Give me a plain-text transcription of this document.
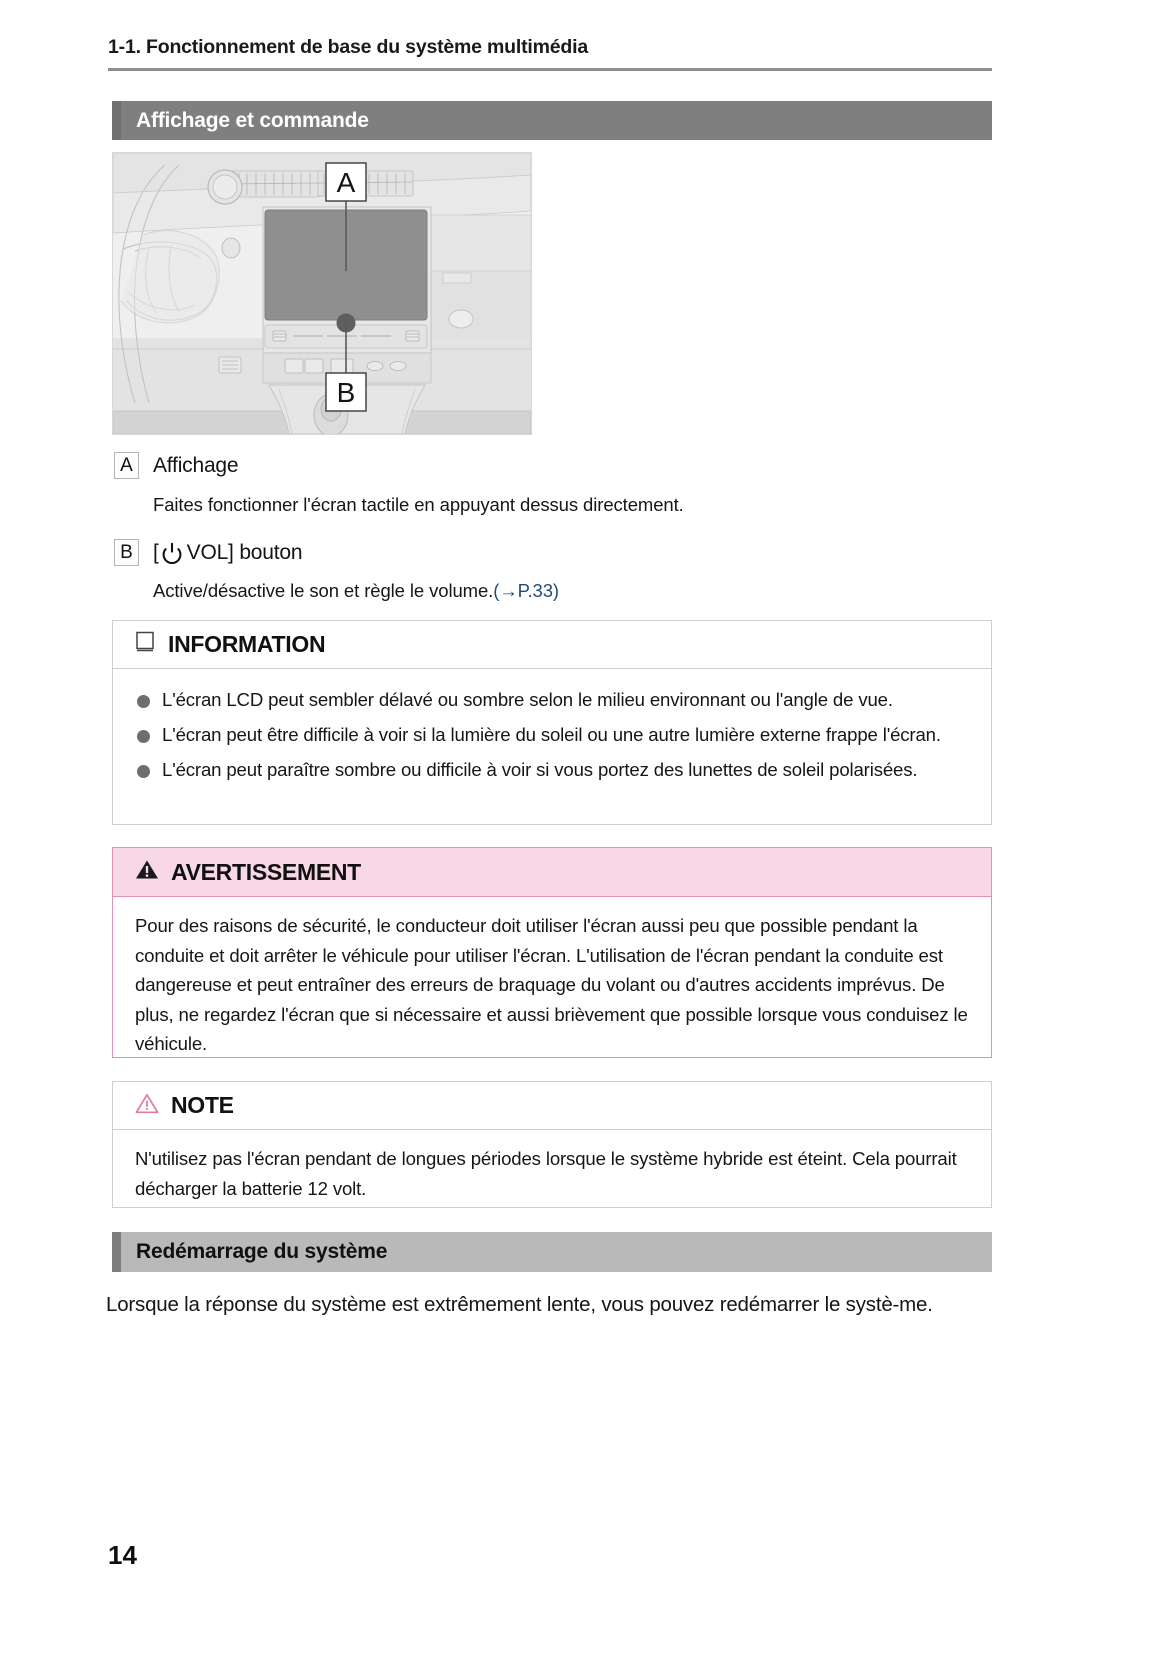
1-1. Fonctionnement de base du système multimédia
Affichage et commande
A
B
A Affichage
Faites fonctionner l'écran tactile en appuyant dessus directement.
B [ VOL] bouton
Active/désactive le son et règle le volume.(→P.33)
INFORMATION
L'écran LCD peut sembler délavé ou sombre selon le milieu environnant ou l'angle de vue.
L'écran peut être difficile à voir si la lumière du soleil ou une autre lumière externe frappe l'écran.
L'écran peut paraître sombre ou difficile à voir si vous portez des lunettes de soleil polarisées.
AVERTISSEMENT
Pour des raisons de sécurité, le conducteur doit utiliser l'écran aussi peu que possible pendant la conduite et doit arrêter le véhicule pour utiliser l'écran. L'utilisation de l'écran pendant la conduite est dangereuse et peut entraîner des erreurs de braquage du volant ou d'autres accidents imprévus. De plus, ne regardez l'écran que si nécessaire et aussi brièvement que possible lorsque vous conduisez le véhicule.
NOTE
N'utilisez pas l'écran pendant de longues périodes lorsque le système hybride est éteint. Cela pourrait décharger la batterie 12 volt.
Redémarrage du système
Lorsque la réponse du système est extrêmement lente, vous pouvez redémarrer le systè-me.
14
